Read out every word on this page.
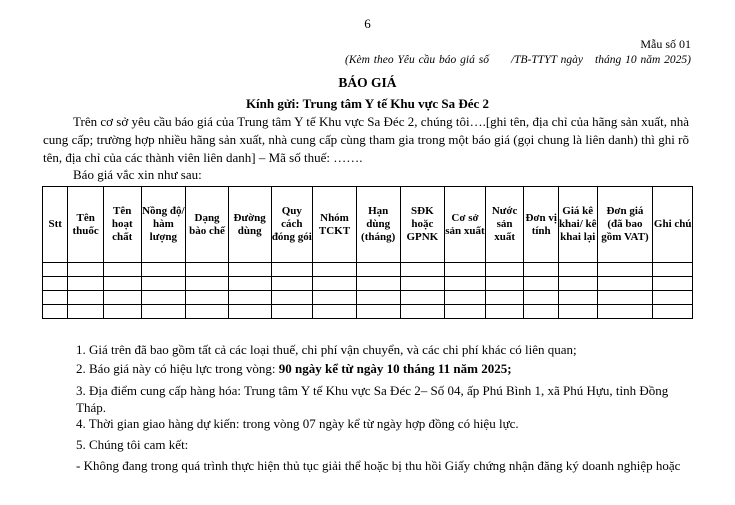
6
Mẫu số 01
(Kèm theo Yêu cầu báo giá số /TB-TTYT ngày tháng 10 năm 2025)
BÁO GIÁ
Kính gửi: Trung tâm Y tế Khu vực Sa Đéc 2

Trên cơ sở yêu cầu báo giá của Trung tâm Y tế Khu vực Sa Đéc 2, chúng tôi….[ghi tên, địa chỉ của hãng sản xuất, nhà cung cấp; trường hợp nhiều hãng sản xuất, nhà cung cấp cùng tham gia trong một báo giá (gọi chung là liên danh) thì ghi rõ tên, địa chỉ của các thành viên liên danh] – Mã số thuế: …….

Báo giá vắc xin như sau:
Stt	Tên thuốc	Tên hoạt chất	Nồng độ/ hàm lượng	Dạng bào chế	Đường dùng	Quy cách đóng gói	Nhóm TCKT	Hạn dùng (tháng)	SĐK hoặc GPNK	Cơ sở sản xuất	Nước sản xuất	Đơn vị tính	Giá kê khai/ kê khai lại	Đơn giá (đã bao gồm VAT)	Ghi chú

1. Giá trên đã bao gồm tất cả các loại thuế, chi phí vận chuyển, và các chi phí khác có liên quan;
2. Báo giá này có hiệu lực trong vòng: 90 ngày kể từ ngày 10 tháng 11 năm 2025;
3. Địa điểm cung cấp hàng hóa: Trung tâm Y tế Khu vực Sa Đéc 2– Số 04, ấp Phú Bình 1, xã Phú Hựu, tỉnh Đồng Tháp.
4. Thời gian giao hàng dự kiến: trong vòng 07 ngày kể từ ngày hợp đồng có hiệu lực.
5. Chúng tôi cam kết:
- Không đang trong quá trình thực hiện thủ tục giải thể hoặc bị thu hồi Giấy chứng nhận đăng ký doanh nghiệp hoặc
